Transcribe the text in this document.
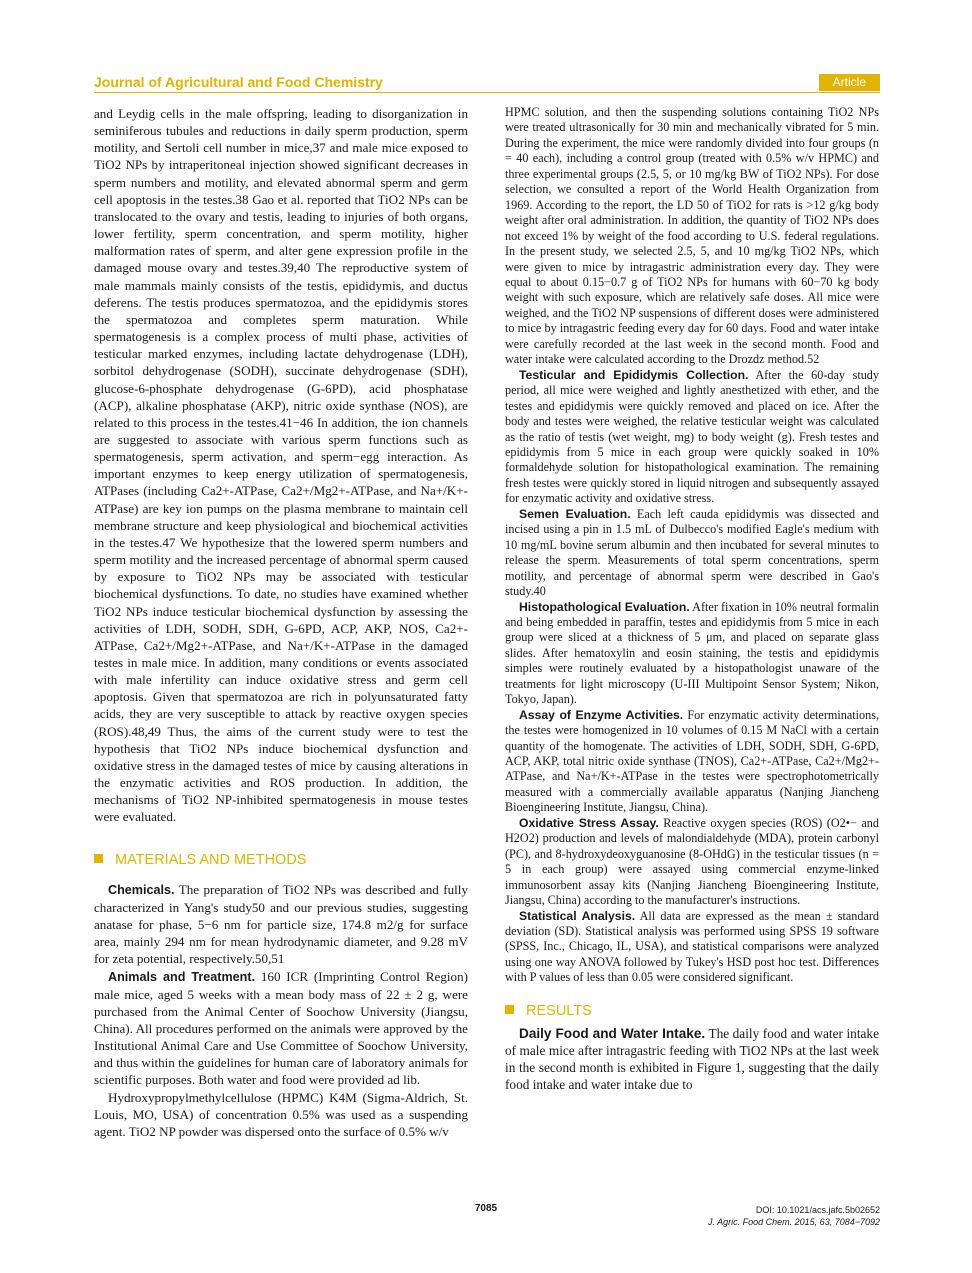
Journal of Agricultural and Food Chemistry	Article

and Leydig cells in the male offspring, leading to disorganization in seminiferous tubules and reductions in daily sperm production, sperm motility, and Sertoli cell number in mice,37 and male mice exposed to TiO2 NPs by intraperitoneal injection showed significant decreases in sperm numbers and motility, and elevated abnormal sperm and germ cell apoptosis in the testes.38 Gao et al. reported that TiO2 NPs can be translocated to the ovary and testis, leading to injuries of both organs, lower fertility, sperm concentration, and sperm motility, higher malformation rates of sperm, and alter gene expression profile in the damaged mouse ovary and testes.39,40 The reproductive system of male mammals mainly consists of the testis, epididymis, and ductus deferens. The testis produces spermatozoa, and the epididymis stores the spermatozoa and completes sperm maturation. While spermatogenesis is a complex process of multi phase, activities of testicular marked enzymes, including lactate dehydrogenase (LDH), sorbitol dehydrogenase (SODH), succinate dehydrogenase (SDH), glucose-6-phosphate dehydrogenase (G-6PD), acid phosphatase (ACP), alkaline phosphatase (AKP), nitric oxide synthase (NOS), are related to this process in the testes.41−46 In addition, the ion channels are suggested to associate with various sperm functions such as spermatogenesis, sperm activation, and sperm−egg interaction. As important enzymes to keep energy utilization of spermatogenesis, ATPases (including Ca2+-ATPase, Ca2+/Mg2+-ATPase, and Na+/K+-ATPase) are key ion pumps on the plasma membrane to maintain cell membrane structure and keep physiological and biochemical activities in the testes.47 We hypothesize that the lowered sperm numbers and sperm motility and the increased percentage of abnormal sperm caused by exposure to TiO2 NPs may be associated with testicular biochemical dysfunctions. To date, no studies have examined whether TiO2 NPs induce testicular biochemical dysfunction by assessing the activities of LDH, SODH, SDH, G-6PD, ACP, AKP, NOS, Ca2+-ATPase, Ca2+/Mg2+-ATPase, and Na+/K+-ATPase in the damaged testes in male mice. In addition, many conditions or events associated with male infertility can induce oxidative stress and germ cell apoptosis. Given that spermatozoa are rich in polyunsaturated fatty acids, they are very susceptible to attack by reactive oxygen species (ROS).48,49 Thus, the aims of the current study were to test the hypothesis that TiO2 NPs induce biochemical dysfunction and oxidative stress in the damaged testes of mice by causing alterations in the enzymatic activities and ROS production. In addition, the mechanisms of TiO2 NP-inhibited spermatogenesis in mouse testes were evaluated.

MATERIALS AND METHODS

Chemicals. The preparation of TiO2 NPs was described and fully characterized in Yang's study50 and our previous studies, suggesting anatase for phase, 5−6 nm for particle size, 174.8 m2/g for surface area, mainly 294 nm for mean hydrodynamic diameter, and 9.28 mV for zeta potential, respectively.50,51

Animals and Treatment. 160 ICR (Imprinting Control Region) male mice, aged 5 weeks with a mean body mass of 22 ± 2 g, were purchased from the Animal Center of Soochow University (Jiangsu, China). All procedures performed on the animals were approved by the Institutional Animal Care and Use Committee of Soochow University, and thus within the guidelines for human care of laboratory animals for scientific purposes. Both water and food were provided ad lib.

Hydroxypropylmethylcellulose (HPMC) K4M (Sigma-Aldrich, St. Louis, MO, USA) of concentration 0.5% was used as a suspending agent. TiO2 NP powder was dispersed onto the surface of 0.5% w/v

HPMC solution, and then the suspending solutions containing TiO2 NPs were treated ultrasonically for 30 min and mechanically vibrated for 5 min. During the experiment, the mice were randomly divided into four groups (n = 40 each), including a control group (treated with 0.5% w/v HPMC) and three experimental groups (2.5, 5, or 10 mg/kg BW of TiO2 NPs). For dose selection, we consulted a report of the World Health Organization from 1969. According to the report, the LD 50 of TiO2 for rats is >12 g/kg body weight after oral administration. In addition, the quantity of TiO2 NPs does not exceed 1% by weight of the food according to U.S. federal regulations. In the present study, we selected 2.5, 5, and 10 mg/kg TiO2 NPs, which were given to mice by intragastric administration every day. They were equal to about 0.15−0.7 g of TiO2 NPs for humans with 60−70 kg body weight with such exposure, which are relatively safe doses. All mice were weighed, and the TiO2 NP suspensions of different doses were administered to mice by intragastric feeding every day for 60 days. Food and water intake were carefully recorded at the last week in the second month. Food and water intake were calculated according to the Drozdz method.52

Testicular and Epididymis Collection. After the 60-day study period, all mice were weighed and lightly anesthetized with ether, and the testes and epididymis were quickly removed and placed on ice. After the body and testes were weighed, the relative testicular weight was calculated as the ratio of testis (wet weight, mg) to body weight (g). Fresh testes and epididymis from 5 mice in each group were quickly soaked in 10% formaldehyde solution for histopathological examination. The remaining fresh testes were quickly stored in liquid nitrogen and subsequently assayed for enzymatic activity and oxidative stress.

Semen Evaluation. Each left cauda epididymis was dissected and incised using a pin in 1.5 mL of Dulbecco's modified Eagle's medium with 10 mg/mL bovine serum albumin and then incubated for several minutes to release the sperm. Measurements of total sperm concentrations, sperm motility, and percentage of abnormal sperm were described in Gao's study.40

Histopathological Evaluation. After fixation in 10% neutral formalin and being embedded in paraffin, testes and epididymis from 5 mice in each group were sliced at a thickness of 5 μm, and placed on separate glass slides. After hematoxylin and eosin staining, the testis and epididymis simples were routinely evaluated by a histopathologist unaware of the treatments for light microscopy (U-III Multipoint Sensor System; Nikon, Tokyo, Japan).

Assay of Enzyme Activities. For enzymatic activity determinations, the testes were homogenized in 10 volumes of 0.15 M NaCl with a certain quantity of the homogenate. The activities of LDH, SODH, SDH, G-6PD, ACP, AKP, total nitric oxide synthase (TNOS), Ca2+-ATPase, Ca2+/Mg2+-ATPase, and Na+/K+-ATPase in the testes were spectrophotometrically measured with a commercially available apparatus (Nanjing Jiancheng Bioengineering Institute, Jiangsu, China).

Oxidative Stress Assay. Reactive oxygen species (ROS) (O2•− and H2O2) production and levels of malondialdehyde (MDA), protein carbonyl (PC), and 8-hydroxydeoxyguanosine (8-OHdG) in the testicular tissues (n = 5 in each group) were assayed using commercial enzyme-linked immunosorbent assay kits (Nanjing Jiancheng Bioengineering Institute, Jiangsu, China) according to the manufacturer's instructions.

Statistical Analysis. All data are expressed as the mean ± standard deviation (SD). Statistical analysis was performed using SPSS 19 software (SPSS, Inc., Chicago, IL, USA), and statistical comparisons were analyzed using one way ANOVA followed by Tukey's HSD post hoc test. Differences with P values of less than 0.05 were considered significant.

RESULTS

Daily Food and Water Intake. The daily food and water intake of male mice after intragastric feeding with TiO2 NPs at the last week in the second month is exhibited in Figure 1, suggesting that the daily food intake and water intake due to

7085	DOI: 10.1021/acs.jafc.5b02652
J. Agric. Food Chem. 2015, 63, 7084−7092
